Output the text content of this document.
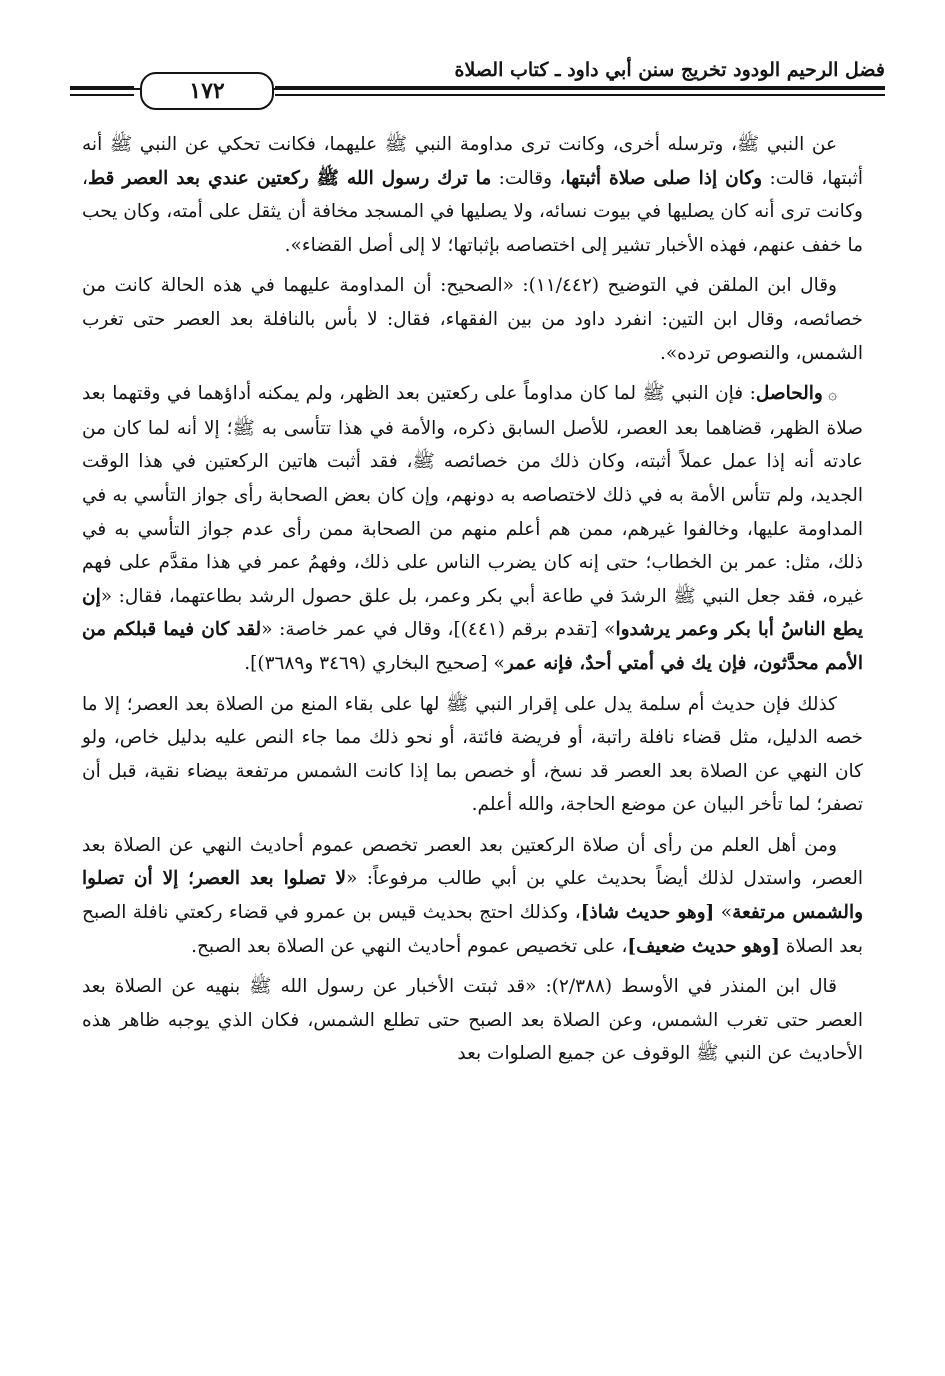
فضل الرحيم الودود تخريج سنن أبي داود ـ كتاب الصلاة
١٧٢

عن النبي ﷺ، وترسله أخرى، وكانت ترى مداومة النبي ﷺ عليهما، فكانت تحكي عن النبي ﷺ أنه أثبتها، قالت: وكان إذا صلى صلاة أثبتها، وقالت: ما ترك رسول الله ﷺ ركعتين عندي بعد العصر قط، وكانت ترى أنه كان يصليها في بيوت نسائه، ولا يصليها في المسجد مخافة أن يثقل على أمته، وكان يحب ما خفف عنهم، فهذه الأخبار تشير إلى اختصاصه بإثباتها؛ لا إلى أصل القضاء».

وقال ابن الملقن في التوضيح (١١/٤٤٢): «الصحيح: أن المداومة عليهما في هذه الحالة كانت من خصائصه، وقال ابن التين: انفرد داود من بين الفقهاء، فقال: لا بأس بالنافلة بعد العصر حتى تغرب الشمس، والنصوص ترده».

۞ والحاصل: فإن النبي ﷺ لما كان مداوماً على ركعتين بعد الظهر، ولم يمكنه أداؤهما في وقتهما بعد صلاة الظهر، قضاهما بعد العصر، للأصل السابق ذكره، والأمة في هذا تتأسى به ﷺ؛ إلا أنه لما كان من عادته أنه إذا عمل عملاً أثبته، وكان ذلك من خصائصه ﷺ، فقد أثبت هاتين الركعتين في هذا الوقت الجديد، ولم تتأس الأمة به في ذلك لاختصاصه به دونهم، وإن كان بعض الصحابة رأى جواز التأسي به في المداومة عليها، وخالفوا غيرهم، ممن هم أعلم منهم من الصحابة ممن رأى عدم جواز التأسي به في ذلك، مثل: عمر بن الخطاب؛ حتى إنه كان يضرب الناس على ذلك، وفهمُ عمر في هذا مقدَّم على فهم غيره، فقد جعل النبي ﷺ الرشدَ في طاعة أبي بكر وعمر، بل علق حصول الرشد بطاعتهما، فقال: «إن يطع الناسُ أبا بكر وعمر يرشدوا» [تقدم برقم (٤٤١)]، وقال في عمر خاصة: «لقد كان فيما قبلكم من الأمم محدَّثون، فإن يك في أمتي أحدٌ، فإنه عمر» [صحيح البخاري (٣٤٦٩ و٣٦٨٩)].

كذلك فإن حديث أم سلمة يدل على إقرار النبي ﷺ لها على بقاء المنع من الصلاة بعد العصر؛ إلا ما خصه الدليل، مثل قضاء نافلة راتبة، أو فريضة فائتة، أو نحو ذلك مما جاء النص عليه بدليل خاص، ولو كان النهي عن الصلاة بعد العصر قد نسخ، أو خصص بما إذا كانت الشمس مرتفعة بيضاء نقية، قبل أن تصفر؛ لما تأخر البيان عن موضع الحاجة، والله أعلم.

ومن أهل العلم من رأى أن صلاة الركعتين بعد العصر تخصص عموم أحاديث النهي عن الصلاة بعد العصر، واستدل لذلك أيضاً بحديث علي بن أبي طالب مرفوعاً: «لا تصلوا بعد العصر؛ إلا أن تصلوا والشمس مرتفعة» [وهو حديث شاذ]، وكذلك احتج بحديث قيس بن عمرو في قضاء ركعتي نافلة الصبح بعد الصلاة [وهو حديث ضعيف]، على تخصيص عموم أحاديث النهي عن الصلاة بعد الصبح.

قال ابن المنذر في الأوسط (٢/٣٨٨): «قد ثبتت الأخبار عن رسول الله ﷺ بنهيه عن الصلاة بعد العصر حتى تغرب الشمس، وعن الصلاة بعد الصبح حتى تطلع الشمس، فكان الذي يوجبه ظاهر هذه الأحاديث عن النبي ﷺ الوقوف عن جميع الصلوات بعد
